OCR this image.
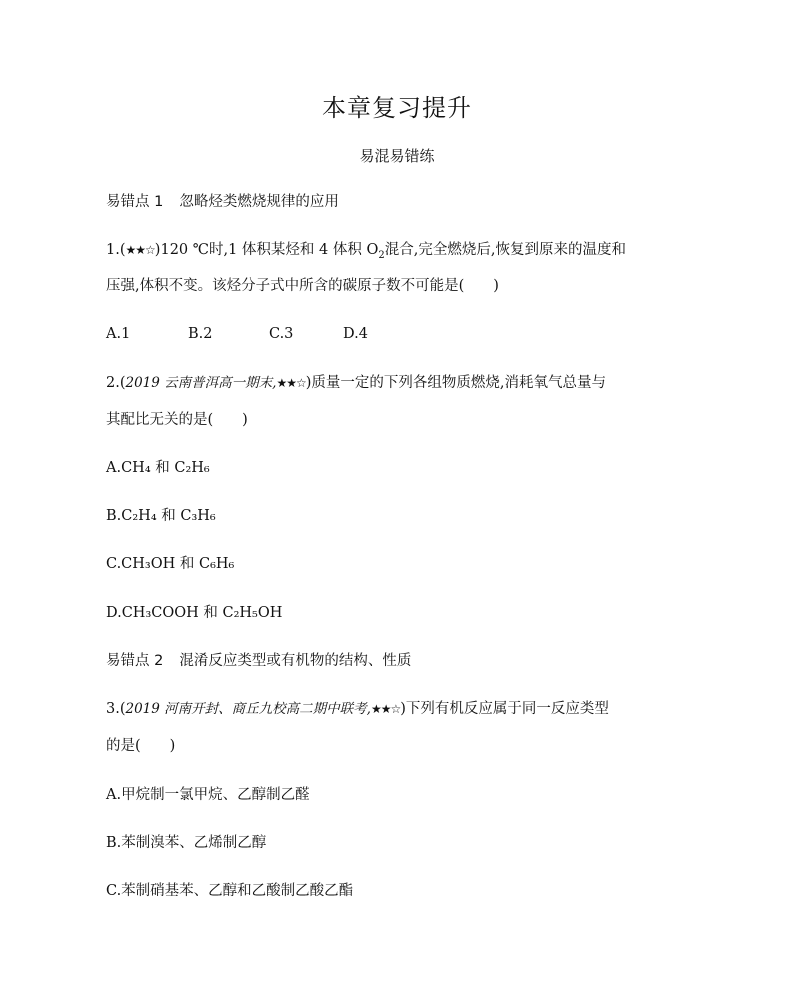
本章复习提升
易混易错练
易错点 1 忽略烃类燃烧规律的应用
1.(★★☆)120 ℃时,1 体积某烃和 4 体积 $O_2$混合,完全燃烧后,恢复到原来的温度和
压强,体积不变。该烃分子式中所含的碳原子数不可能是(　　)
A.1	B.2	C.3	D.4
2.(2019 云南普洱高一期末,★★☆)质量一定的下列各组物质燃烧,消耗氧气总量与
其配比无关的是(　　)
A.CH₄ 和 C₂H₆
B.C₂H₄ 和 C₃H₆
C.CH₃OH 和 C₆H₆
D.CH₃COOH 和 C₂H₅OH
易错点 2 混淆反应类型或有机物的结构、性质
3.(2019 河南开封、商丘九校高二期中联考,★★☆)下列有机反应属于同一反应类型
的是(　　)
A.甲烷制一氯甲烷、乙醇制乙醛
B.苯制溴苯、乙烯制乙醇
C.苯制硝基苯、乙醇和乙酸制乙酸乙酯
